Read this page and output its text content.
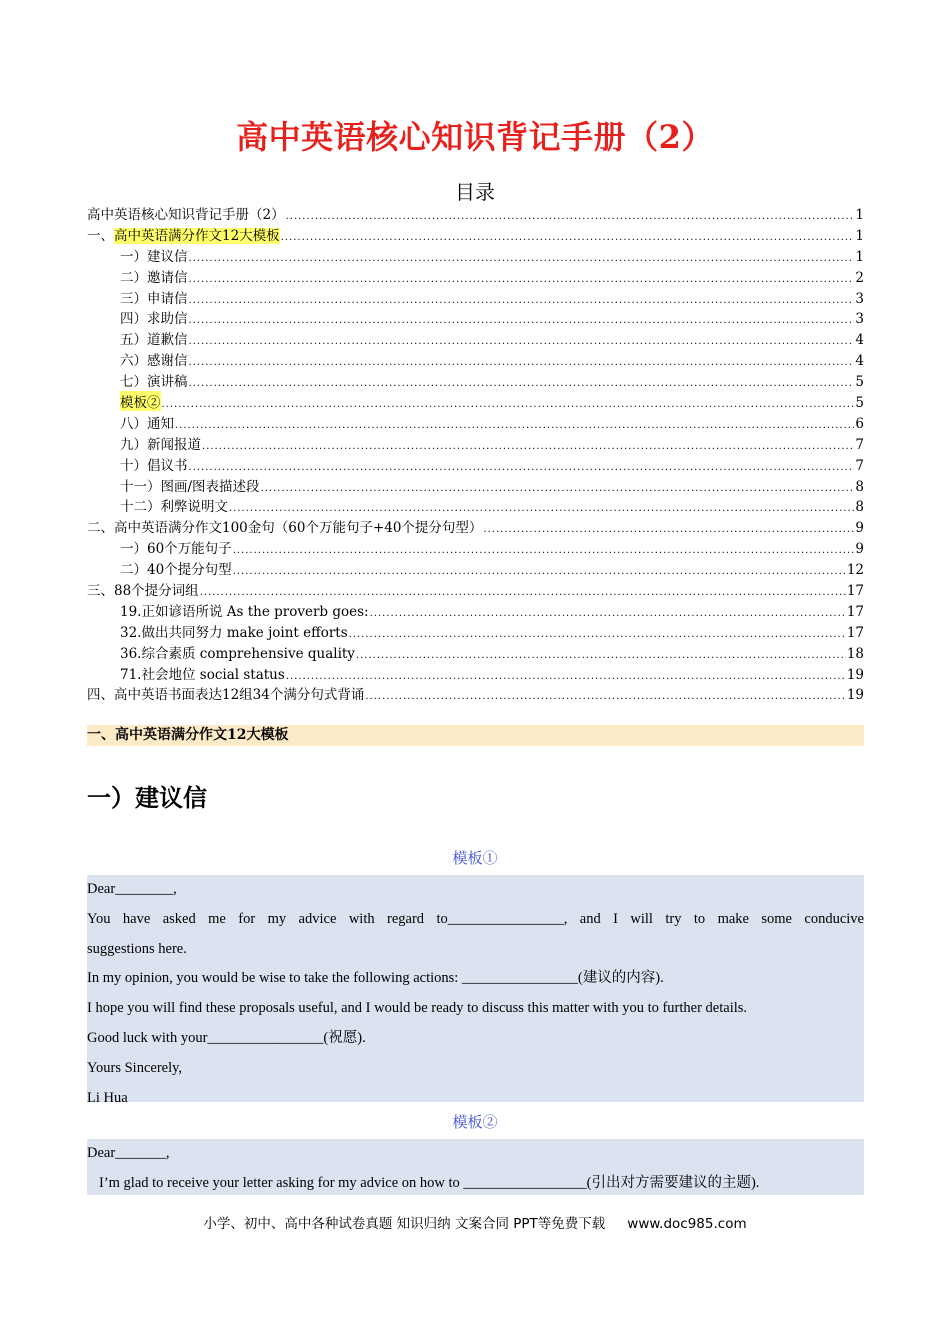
高中英语核心知识背记手册（2）
目录
高中英语核心知识背记手册（2） .....	1
一、高中英语满分作文12大模板 .....	1
一）建议信 .....	1
二）邀请信 .....	2
三）申请信 .....	3
四）求助信 .....	3
五）道歉信 .....	4
六）感谢信 .....	4
七）演讲稿 .....	5
模板② .....	5
八）通知 .....	6
九）新闻报道 .....	7
十）倡议书 .....	7
十一）图画/图表描述段 .....	8
十二）利弊说明文 .....	8
二、高中英语满分作文100金句（60个万能句子+40个提分句型） .....	9
一）60个万能句子 .....	9
二）40个提分句型 .....	12
三、88个提分词组 .....	17
19.正如谚语所说 As the proverb goes: .....	17
32.做出共同努力 make joint efforts .....	17
36.综合素质 comprehensive quality .....	18
71.社会地位 social status .....	19
四、高中英语书面表达12组34个满分句式背诵 .....	19
一、高中英语满分作文12大模板
一）建议信
模板①
Dear________,
You have asked me for my advice with regard to________________, and I will try to make some conducive
suggestions here.
In my opinion, you would be wise to take the following actions: ________________(建议的内容).
I hope you will find these proposals useful, and I would be ready to discuss this matter with you to further details.
Good luck with your________________(祝愿).
Yours Sincerely,
Li Hua
模板②
Dear_______,
I’m glad to receive your letter asking for my advice on how to _________________(引出对方需要建议的主题).
小学、初中、高中各种试卷真题 知识归纳 文案合同 PPT等免费下载 www.doc985.com
